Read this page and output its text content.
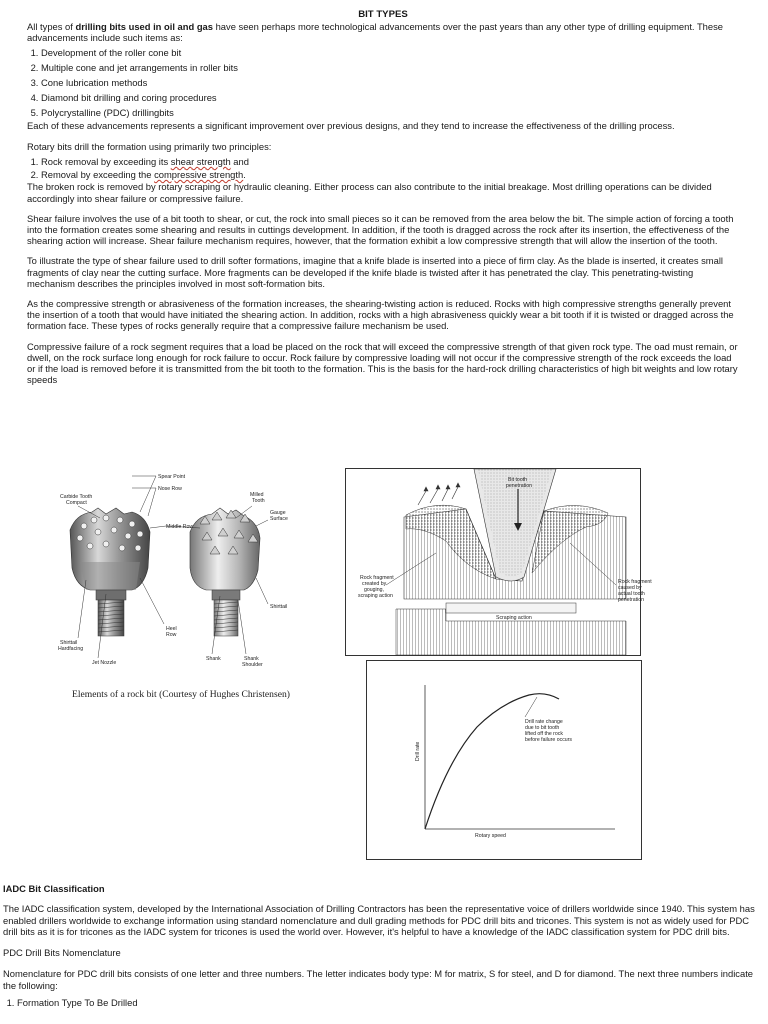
BIT TYPES

All types of drilling bits used in oil and gas have seen perhaps more technological advancements over the past years than any other type of drilling equipment. These advancements include such items as:

1. Development of the roller cone bit
2. Multiple cone and jet arrangements in roller bits
3. Cone lubrication methods
4. Diamond bit drilling and coring procedures
5. Polycrystalline (PDC) drillingbits

Each of these advancements represents a significant improvement over previous designs, and they tend to increase the effectiveness of the drilling process.

Rotary bits drill the formation using primarily two principles:

1. Rock removal by exceeding its shear strength and
2. Removal by exceeding the compressive strength.

The broken rock is removed by rotary scraping or hydraulic cleaning. Either process can also contribute to the initial breakage. Most drilling operations can be divided accordingly into shear failure or compressive failure.

Shear failure involves the use of a bit tooth to shear, or cut, the rock into small pieces so it can be removed from the area below the bit. The simple action of forcing a tooth into the formation creates some shearing and results in cuttings development. In addition, if the tooth is dragged across the rock after its insertion, the effectiveness of the shearing action will increase. Shear failure mechanism requires, however, that the formation exhibit a low compressive strength that will allow the insertion of the tooth.

To illustrate the type of shear failure used to drill softer formations, imagine that a knife blade is inserted into a piece of firm clay. As the blade is inserted, it creates small fragments of clay near the cutting surface. More fragments can be developed if the knife blade is twisted after it has penetrated the clay. This penetrating-twisting mechanism describes the principles involved in most soft-formation bits.

As the compressive strength or abrasiveness of the formation increases, the shearing-twisting action is reduced. Rocks with high compressive strengths generally prevent the insertion of a tooth that would have initiated the shearing action. In addition, rocks with a high abrasiveness quickly wear a bit tooth if it is twisted or dragged across the formation face. These types of rocks generally require that a compressive failure mechanism be used.

Compressive failure of a rock segment requires that a load be placed on the rock that will exceed the compressive strength of that given rock type. The oad must remain, or dwell, on the rock surface long enough for rock failure to occur. Rock failure by compressive loading will not occur if the compressive strength of the rock exceeds the load or if the load is removed before it is transmitted from the bit tooth to the formation. This is the basis for the hard-rock drilling characteristics of high bit weights and low rotary speeds

Spear Point
Nose Row
Carbide Tooth
Compact
Milled
Tooth
Gauge
Surface
Middle Row
Heel
Row
Shirttail
Hardfacing
Jet Nozzle
Shank	Shank
Shoulder
Shirttail
Elements of a rock bit (Courtesy of Hughes Christensen)
Bit tooth
penetration
Rock fragment
created by
gouging,
scraping action
Rock fragment
caused by
actual tooth
penetration
Scraping action
Drill rate
Rotary speed
Drill rate change
due to bit tooth
lifted off the rock
before failure occurs

IADC Bit Classification

The IADC classification system, developed by the International Association of Drilling Contractors has been the representative voice of drillers worldwide since 1940. This system has enabled drillers worldwide to exchange information using standard nomenclature and dull grading methods for PDC drill bits and tricones. This system is not as widely used for PDC drill bits as it is for tricones as the IADC system for tricones is used the world over. However, it's helpful to have a knowledge of the IADC classification system for PDC drill bits.

PDC Drill Bits Nomenclature

Nomenclature for PDC drill bits consists of one letter and three numbers. The letter indicates body type: M for matrix, S for steel, and D for diamond. The next three numbers indicate the following:

1. Formation Type To Be Drilled
